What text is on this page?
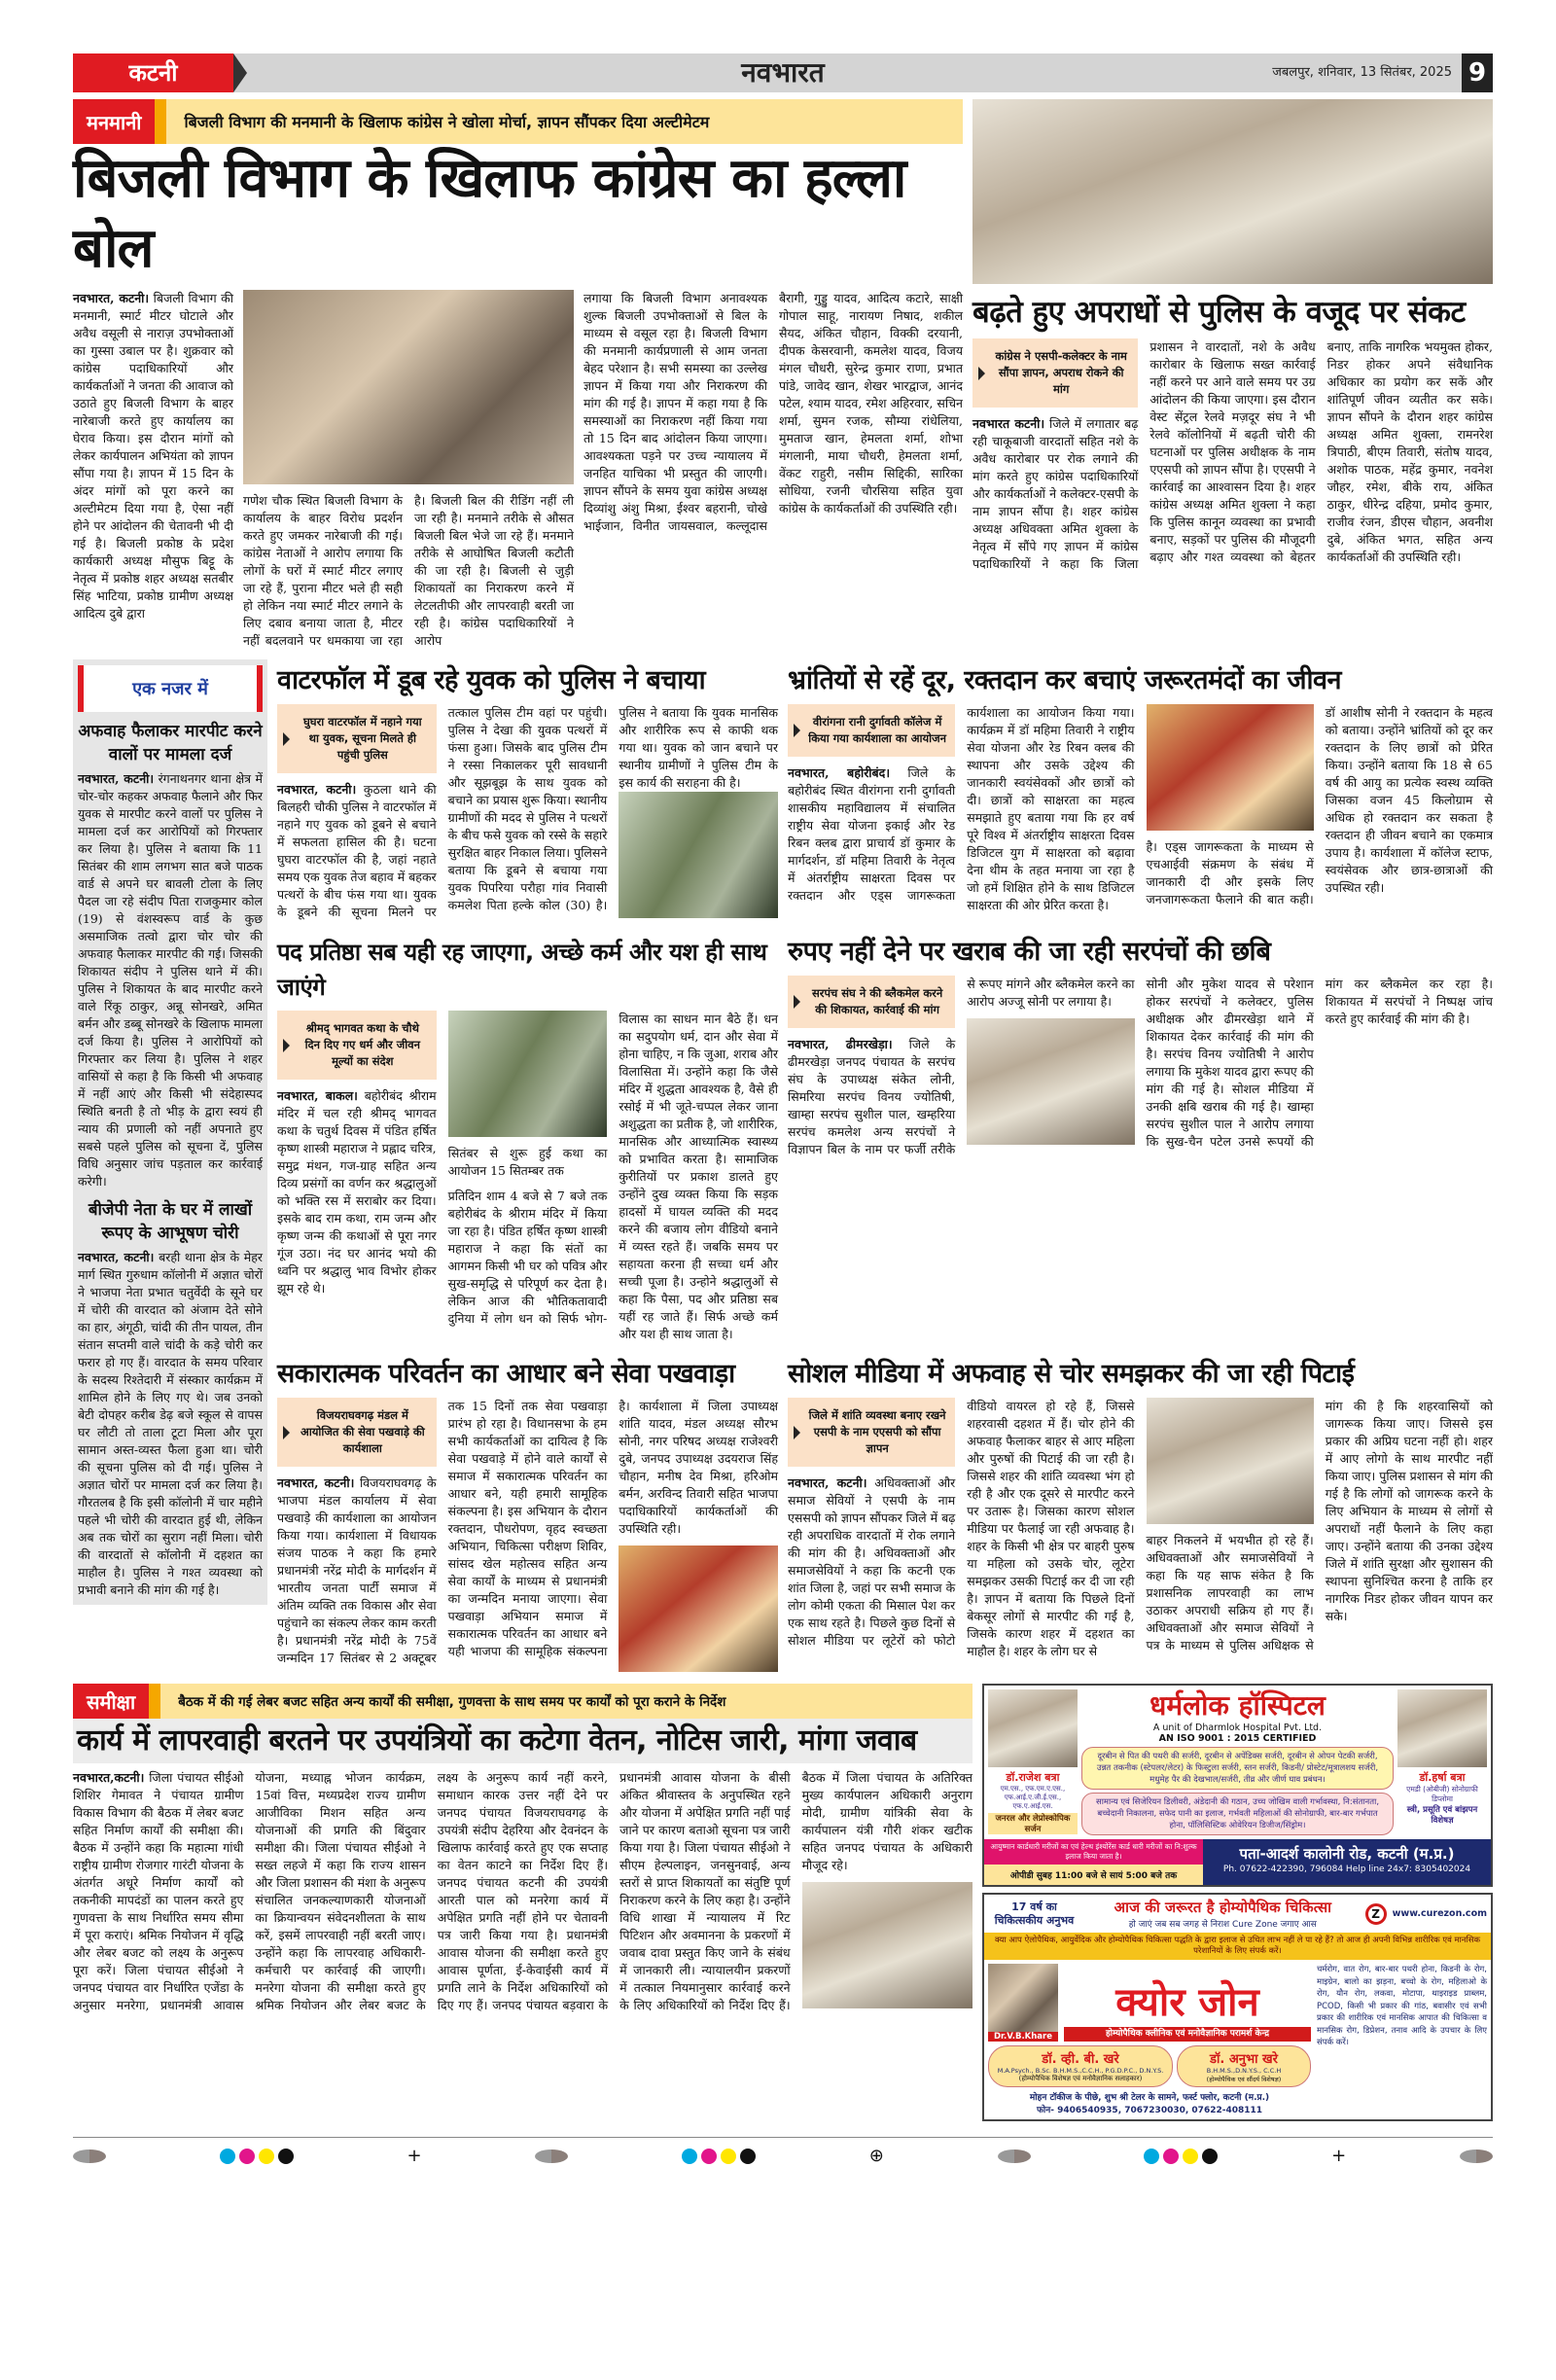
कटनी	नवभारत	जबलपुर, शनिवार, 13 सितंबर, 2025 9
मनमानी	बिजली विभाग की मनमानी के खिलाफ कांग्रेस ने खोला मोर्चा, ज्ञापन सौंपकर दिया अल्टीमेटम
बिजली विभाग के खिलाफ कांग्रेस का हल्ला बोल
नवभारत, कटनी। बिजली विभाग की मनमानी, स्मार्ट मीटर घोटाले और अवैध वसूली से नाराज़ उपभोक्ताओं का गुस्सा उबाल पर है। शुक्रवार को कांग्रेस पदाधिकारियों और कार्यकर्ताओं ने जनता की आवाज को उठाते हुए बिजली विभाग के बाहर नारेबाजी करते हुए कार्यालय का घेराव किया। इस दौरान मांगों को लेकर कार्यपालन अभियंता को ज्ञापन सौंपा गया है। ज्ञापन में 15 दिन के अंदर मांगों को पूरा करने का अल्टीमेटम दिया गया है, ऐसा नहीं होने पर आंदोलन की चेतावनी भी दी गई है। बिजली प्रकोष्ठ के प्रदेश कार्यकारी अध्यक्ष मौसुफ बिट्टू के नेतृत्व में प्रकोष्ठ शहर अध्यक्ष सतबीर सिंह भाटिया, प्रकोष्ठ ग्रामीण अध्यक्ष आदित्य दुबे द्वारा
गणेश चौक स्थित बिजली विभाग के कार्यालय के बाहर विरोध प्रदर्शन करते हुए जमकर नारेबाजी की गई। कांग्रेस नेताओं ने आरोप लगाया कि लोगों के घरों में स्मार्ट मीटर लगाए जा रहे हैं, पुराना मीटर भले ही सही हो लेकिन नया स्मार्ट मीटर लगाने के लिए दबाव बनाया जाता है, मीटर नहीं बदलवाने पर धमकाया जा रहा है। बिजली बिल की रीडिंग नहीं ली जा रही है। मनमाने तरीके से औसत बिजली बिल भेजे जा रहे हैं। मनमाने तरीके से आघोषित बिजली कटौती की जा रही है। बिजली से जुड़ी शिकायतों का निराकरण करने में लेटलतीफी और लापरवाही बरती जा रही है। कांग्रेस पदाधिकारियों ने आरोप
लगाया कि बिजली विभाग अनावश्यक शुल्क बिजली उपभोक्ताओं से बिल के माध्यम से वसूल रहा है। बिजली विभाग की मनमानी कार्यप्रणाली से आम जनता बेहद परेशान है। सभी समस्या का उल्लेख ज्ञापन में किया गया और निराकरण की मांग की गई है। ज्ञापन में कहा गया है कि समस्याओं का निराकरण नहीं किया गया तो 15 दिन बाद आंदोलन किया जाएगा। आवश्यकता पड़ने पर उच्च न्यायालय में जनहित याचिका भी प्रस्तुत की जाएगी। ज्ञापन सौंपने के समय युवा कांग्रेस अध्यक्ष दिव्यांशु अंशु मिश्रा, ईश्वर बहरानी, चोखे भाईजान, विनीत जायसवाल, कल्लूदास बैरागी, गुड्डु यादव, आदित्य कटारे, साक्षी गोपाल साहू, नारायण निषाद, शकील सैयद, अंकित चौहान, विक्की दरयानी, दीपक केसरवानी, कमलेश यादव, विजय मंगल चौधरी, सुरेन्द्र कुमार राणा, प्रभात पांडे, जावेद खान, शेखर भारद्वाज, आनंद पटेल, श्याम यादव, रमेश अहिरवार, सचिन शर्मा, सुमन रजक, सौम्या रांधेलिया, मुमताज खान, हेमलता शर्मा, शोभा मंगलानी, माया चौधरी, हेमलता शर्मा, वेंकट राहुरी, नसीम सिद्दिकी, सारिका सोधिया, रजनी चौरसिया सहित युवा कांग्रेस के कार्यकर्ताओं की उपस्थिति रही।
बढ़ते हुए अपराधों से पुलिस के वजूद पर संकट
कांग्रेस ने एसपी-कलेक्टर के नाम सौंपा ज्ञापन, अपराध रोकने की मांग

नवभारत कटनी। जिले में लगातार बढ़ रही चाकूबाजी वारदातों सहित नशे के अवैध कारोबार पर रोक लगाने की मांग करते हुए कांग्रेस पदाधिकारियों और कार्यकर्ताओं ने कलेक्टर-एसपी के नाम ज्ञापन सौंपा है। शहर कांग्रेस अध्यक्ष अधिवक्ता अमित शुक्ला के नेतृत्व में सौंपे गए ज्ञापन में कांग्रेस पदाधिकारियों ने कहा कि जिला प्रशासन ने वारदातों, नशे के अवैध कारोबार के खिलाफ सख्त कार्रवाई नहीं करने पर आने वाले समय पर उग्र आंदोलन की किया जाएगा। इस दौरान वेस्ट सेंट्रल रेलवे मज़दूर संघ ने भी रेलवे कॉलोनियों में बढ़ती चोरी की घटनाओं पर पुलिस अधीक्षक के नाम एएसपी को ज्ञापन सौंपा है। एएसपी ने कार्रवाई का आश्वासन दिया है। शहर कांग्रेस अध्यक्ष अमित शुक्ला ने कहा कि पुलिस कानून व्यवस्था का प्रभावी बनाए, सड़कों पर पुलिस की मौजूदगी बढ़ाए और गश्त व्यवस्था को बेहतर बनाए, ताकि नागरिक भयमुक्त होकर, निडर होकर अपने संवैधानिक अधिकार का प्रयोग कर सकें और शांतिपूर्ण जीवन व्यतीत कर सके। ज्ञापन सौंपने के दौरान शहर कांग्रेस अध्यक्ष अमित शुक्ला, रामनरेश त्रिपाठी, बीएम तिवारी, संतोष यादव, अशोक पाठक, महेंद्र कुमार, नवनेश जौहर, रमेश, बीके राय, अंकित ठाकुर, धीरेन्द्र दहिया, प्रमोद कुमार, राजीव रंजन, डीएस चौहान, अवनीश दुबे, अंकित भगत, सहित अन्य कार्यकर्ताओं की उपस्थिति रही।

एक नजर में
अफवाह फैलाकर मारपीट करने वालों पर मामला दर्ज
नवभारत, कटनी। रंगनाथनगर थाना क्षेत्र में चोर-चोर कहकर अफवाह फैलाने और फिर युवक से मारपीट करने वालों पर पुलिस ने मामला दर्ज कर आरोपियों को गिरफ्तार कर लिया है। पुलिस ने बताया कि 11 सितंबर की शाम लगभग सात बजे पाठक वार्ड से अपने घर बावली टोला के लिए पैदल जा रहे संदीप पिता राजकुमार कोल (19) से वंशस्वरूप वार्ड के कुछ असमाजिक तत्वो द्वारा चोर चोर की अफवाह फैलाकर मारपीट की गई। जिसकी शिकायत संदीप ने पुलिस थाने में की। पुलिस ने शिकायत के बाद मारपीट करने वाले रिंकू ठाकुर, अन्नू सोनखरे, अमित बर्मन और डब्बू सोनखरे के खिलाफ मामला दर्ज किया है। पुलिस ने आरोपियों को गिरफ्तार कर लिया है। पुलिस ने शहर वासियों से कहा है कि किसी भी अफवाह में नहीं आएं और किसी भी संदेहास्पद स्थिति बनती है तो भीड़ के द्वारा स्वयं ही न्याय की प्रणाली को नहीं अपनाते हुए सबसे पहले पुलिस को सूचना दें, पुलिस विधि अनुसार जांच पड़ताल कर कार्रवाई करेगी।
बीजेपी नेता के घर में लाखों रूपए के आभूषण चोरी
नवभारत, कटनी। बरही थाना क्षेत्र के मेहर मार्ग स्थित गुरुधाम कॉलोनी में अज्ञात चोरों ने भाजपा नेता प्रभात चतुर्वेदी के सूने घर में चोरी की वारदात को अंजाम देते सोने का हार, अंगूठी, चांदी की तीन पायल, तीन संतान सप्तमी वाले चांदी के कड़े चोरी कर फरार हो गए हैं। वारदात के समय परिवार के सदस्य रिश्तेदारी में संस्कार कार्यक्रम में शामिल होने के लिए गए थे। जब उनको बेटी दोपहर करीब डेढ़ बजे स्कूल से वापस घर लौटी तो ताला टूटा मिला और पूरा सामान अस्त-व्यस्त फैला हुआ था। चोरी की सूचना पुलिस को दी गई। पुलिस ने अज्ञात चोरों पर मामला दर्ज कर लिया है। गौरतलब है कि इसी कॉलोनी में चार महीने पहले भी चोरी की वारदात हुई थी, लेकिन अब तक चोरों का सुराग नहीं मिला। चोरी की वारदातों से कॉलोनी में दहशत का माहौल है। पुलिस ने गश्त व्यवस्था को प्रभावी बनाने की मांग की गई है।
वाटरफॉल में डूब रहे युवक को पुलिस ने बचाया
घुघरा वाटरफॉल में नहाने गया था युवक, सूचना मिलते ही पहुंची पुलिस

नवभारत, कटनी। कुठला थाने की बिलहरी चौकी पुलिस ने वाटरफॉल में नहाने गए युवक को डूबने से बचाने में सफलता हासिल की है। घटना घुघरा वाटरफॉल की है, जहां नहाते समय एक युवक तेज बहाव में बहकर पत्थरों के बीच फंस गया था। युवक के डूबने की सूचना मिलने पर तत्काल पुलिस टीम वहां पर पहुंची। पुलिस ने देखा की युवक पत्थरों में फंसा हुआ। जिसके बाद पुलिस टीम ने रस्सा निकालकर पूरी सावधानी और सूझबूझ के साथ युवक को बचाने का प्रयास शुरू किया। स्थानीय ग्रामीणों की मदद से पुलिस ने पत्थरों के बीच फसे युवक को रस्से के सहारे सुरक्षित बाहर निकाल लिया। पुलिसने बताया कि डूबने से बचाया गया युवक पिपरिया परौहा गांव निवासी कमलेश पिता हल्के कोल (30) है। पुलिस ने बताया कि युवक मानसिक और शारीरिक रूप से काफी थक गया था। युवक को जान बचाने पर स्थानीय ग्रामीणों ने पुलिस टीम के इस कार्य की सराहना की है।

भ्रांतियों से रहें दूर, रक्तदान कर बचाएं जरूरतमंदों का जीवन
वीरांगना रानी दुर्गावती कॉलेज में किया गया कार्यशाला का आयोजन

नवभारत, बहोरीबंद। जिले के बहोरीबंद स्थित वीरांगना रानी दुर्गावती शासकीय महाविद्यालय में संचालित राष्ट्रीय सेवा योजना इकाई और रेड रिबन क्लब द्वारा प्राचार्य डॉ कुमार के मार्गदर्शन, डॉ महिमा तिवारी के नेतृत्व में अंतर्राष्ट्रीय साक्षरता दिवस पर रक्तदान और एड्स जागरूकता कार्यशाला का आयोजन किया गया। कार्यक्रम में डॉ महिमा तिवारी ने राष्ट्रीय सेवा योजना और रेड रिबन क्लब की स्थापना और उसके उद्देश्य की जानकारी स्वयंसेवकों और छात्रों को दी। छात्रों को साक्षरता का महत्व समझाते हुए बताया गया कि हर वर्ष पूरे विश्व में अंतर्राष्ट्रीय साक्षरता दिवस डिजिटल युग में साक्षरता को बढ़ावा देना थीम के तहत मनाया जा रहा है जो हमें शिक्षित होने के साथ डिजिटल साक्षरता की ओर प्रेरित करता है।

है। एड्स जागरूकता के माध्यम से एचआईवी संक्रमण के संबंध में जानकारी दी और इसके लिए जनजागरूकता फैलाने की बात कही। डॉ आशीष सोनी ने रक्तदान के महत्व को बताया। उन्होंने भ्रांतियों को दूर कर रक्तदान के लिए छात्रों को प्रेरित किया। उन्होंने बताया कि 18 से 65 वर्ष की आयु का प्रत्येक स्वस्थ व्यक्ति जिसका वजन 45 किलोग्राम से अधिक हो रक्तदान कर सकता है रक्तदान ही जीवन बचाने का एकमात्र उपाय है। कार्यशाला में कॉलेज स्टाफ, स्वयंसेवक और छात्र-छात्राओं की उपस्थित रही।

पद प्रतिष्ठा सब यही रह जाएगा, अच्छे कर्म और यश ही साथ जाएंगे
श्रीमद् भागवत कथा के चौथे दिन दिए गए धर्म और जीवन मूल्यों का संदेश

नवभारत, बाकल। बहोरीबंद श्रीराम मंदिर में चल रही श्रीमद् भागवत कथा के चतुर्थ दिवस में पंडित हर्षित कृष्ण शास्त्री महाराज ने प्रह्लाद चरित्र, समुद्र मंथन, गज-ग्राह सहित अन्य दिव्य प्रसंगों का वर्णन कर श्रद्धालुओं को भक्ति रस में सराबोर कर दिया। इसके बाद राम कथा, राम जन्म और कृष्ण जन्म की कथाओं से पूरा नगर गूंज उठा। नंद घर आनंद भयो की ध्वनि पर श्रद्धालु भाव विभोर होकर झूम रहे थे।

सितंबर से शुरू हुई कथा का आयोजन 15 सितम्बर तक

प्रतिदिन शाम 4 बजे से 7 बजे तक बहोरीबंद के श्रीराम मंदिर में किया जा रहा है। पंडित हर्षित कृष्ण शास्त्री महाराज ने कहा कि संतों का आगमन किसी भी घर को पवित्र और सुख-समृद्धि से परिपूर्ण कर देता है। लेकिन आज की भौतिकतावादी दुनिया में लोग धन को सिर्फ भोग-विलास का साधन मान बैठे हैं। धन का सदुपयोग धर्म, दान और सेवा में होना चाहिए, न कि जुआ, शराब और विलासिता में। उन्होंने कहा कि जैसे मंदिर में शुद्धता आवश्यक है, वैसे ही रसोई में भी जूते-चप्पल लेकर जाना अशुद्धता का प्रतीक है, जो शारीरिक, मानसिक और आध्यात्मिक स्वास्थ्य को प्रभावित करता है। सामाजिक कुरीतियों पर प्रकाश डालते हुए उन्होंने दुख व्यक्त किया कि सड़क हादसों में घायल व्यक्ति की मदद करने की बजाय लोग वीडियो बनाने में व्यस्त रहते हैं। जबकि समय पर सहायता करना ही सच्चा धर्म और सच्ची पूजा है। उन्होने श्रद्धालुओं से कहा कि पैसा, पद और प्रतिष्ठा सब यहीं रह जाते हैं। सिर्फ अच्छे कर्म और यश ही साथ जाता है।

रुपए नहीं देने पर खराब की जा रही सरपंचों की छबि
सरपंच संघ ने की ब्लैकमेल करने की शिकायत, कार्रवाई की मांग

नवभारत, ढीमरखेड़ा। जिले के ढीमरखेड़ा जनपद पंचायत के सरपंच संघ के उपाध्यक्ष संकेत लोनी, सिमरिया सरपंच विनय ज्योतिषी, खाम्हा सरपंच सुशील पाल, खम्हरिया सरपंच कमलेश अन्य सरपंचों ने विज्ञापन बिल के नाम पर फर्जी तरीके से रूपए मांगने और ब्लैकमेल करने का आरोप अज्जू सोनी पर लगाया है।

सोनी और मुकेश यादव से परेशान होकर सरपंचों ने कलेक्टर, पुलिस अधीक्षक और ढीमरखेड़ा थाने में शिकायत देकर कार्रवाई की मांग की है। सरपंच विनय ज्योतिषी ने आरोप लगाया कि मुकेश यादव द्वारा रूपए की मांग की गई है। सोशल मीडिया में उनकी क्षबि खराब की गई है। खाम्हा सरपंच सुशील पाल ने आरोप लगाया कि सुख-चैन पटेल उनसे रूपयों की मांग कर ब्लैकमेल कर रहा है। शिकायत में सरपंचों ने निष्पक्ष जांच करते हुए कार्रवाई की मांग की है।

सकारात्मक परिवर्तन का आधार बने सेवा पखवाड़ा
विजयराघवगढ़ मंडल में आयोजित की सेवा पखवाड़े की कार्यशाला

नवभारत, कटनी। विजयराघवगढ़ के भाजपा मंडल कार्यालय में सेवा पखवाड़े की कार्यशाला का आयोजन किया गया। कार्यशाला में विधायक संजय पाठक ने कहा कि हमारे प्रधानमंत्री नरेंद्र मोदी के मार्गदर्शन में भारतीय जनता पार्टी समाज में अंतिम व्यक्ति तक विकास और सेवा पहुंचाने का संकल्प लेकर काम करती है। प्रधानमंत्री नरेंद्र मोदी के 75वें जन्मदिन 17 सितंबर से 2 अक्टूबर तक 15 दिनों तक सेवा पखवाड़ा प्रारंभ हो रहा है। विधानसभा के हम सभी कार्यकर्ताओं का दायित्व है कि सेवा पखवाड़े में होने वाले कार्यों से समाज में सकारात्मक परिवर्तन का आधार बने, यही हमारी सामूहिक संकल्पना है। इस अभियान के दौरान रक्तदान, पौधरोपण, वृहद स्वच्छता अभियान, चिकित्सा परीक्षण शिविर, सांसद खेल महोत्सव सहित अन्य सेवा कार्यों के माध्यम से प्रधानमंत्री का जन्मदिन मनाया जाएगा। सेवा पखवाड़ा अभियान समाज में सकारात्मक परिवर्तन का आधार बने यही भाजपा की सामूहिक संकल्पना है। कार्यशाला में जिला उपाध्यक्ष शांति यादव, मंडल अध्यक्ष सौरभ सोनी, नगर परिषद अध्यक्ष राजेश्वरी दुबे, जनपद उपाध्यक्ष उदयराज सिंह चौहान, मनीष देव मिश्रा, हरिओम बर्मन, अरविन्द तिवारी सहित भाजपा पदाधिकारियों कार्यकर्ताओं की उपस्थिति रही।

सोशल मीडिया में अफवाह से चोर समझकर की जा रही पिटाई
जिले में शांति व्यवस्था बनाए रखने एसपी के नाम एएसपी को सौंपा ज्ञापन

नवभारत, कटनी। अधिवक्ताओं और समाज सेवियों ने एसपी के नाम एससपी को ज्ञापन सौंपकर जिले में बढ़ रही अपराधिक वारदातों में रोक लगाने की मांग की है। अधिवक्ताओं और समाजसेवियों ने कहा कि कटनी एक शांत जिला है, जहां पर सभी समाज के लोग कोमी एकता की मिसाल पेश कर एक साथ रहते है। पिछले कुछ दिनों से सोशल मीडिया पर लूटेरों को फोटो वीडियो वायरल हो रहे हैं, जिससे शहरवासी दहशत में हैं। चोर होने की अफवाह फैलाकर बाहर से आए महिला और पुरुषों की पिटाई की जा रही है। जिससे शहर की शांति व्यवस्था भंग हो रही है और एक दूसरे से मारपीट करने पर उतारू है। जिसका कारण सोशल मीडिया पर फैलाई जा रही अफवाह है। शहर के किसी भी क्षेत्र पर बाहरी पुरुष या महिला को उसके चोर, लूटेरा समझकर उसकी पिटाई कर दी जा रही है। ज्ञापन में बताया कि पिछले दिनों बेकसूर लोगों से मारपीट की गई है, जिसके कारण शहर में दहशत का माहौल है। शहर के लोग घर से

बाहर निकलने में भयभीत हो रहे हैं। अधिवक्ताओं और समाजसेवियों ने कहा कि यह साफ संकेत है कि प्रशासनिक लापरवाही का लाभ उठाकर अपराधी सक्रिय हो गए हैं। अधिवक्ताओं और समाज सेवियों ने पत्र के माध्यम से पुलिस अधिक्षक से मांग की है कि शहरवासियों को जागरूक किया जाए। जिससे इस प्रकार की अप्रिय घटना नहीं हो। शहर में आए लोगो के साथ मारपीट नहीं किया जाए। पुलिस प्रशासन से मांग की गई है कि लोगों को जागरूक करने के लिए अभियान के माध्यम से लोगों से अपराधों नहीं फैलाने के लिए कहा जाए। उन्होंने बताया की उनका उद्देश्य जिले में शांति सुरक्षा और सुशासन की स्थापना सुनिश्चित करना है ताकि हर नागरिक निडर होकर जीवन यापन कर सके।

समीक्षा	बैठक में की गई लेबर बजट सहित अन्य कार्यों की समीक्षा, गुणवत्ता के साथ समय पर कार्यों को पूरा कराने के निर्देश
कार्य में लापरवाही बरतने पर उपयंत्रियों का कटेगा वेतन, नोटिस जारी, मांगा जवाब

नवभारत,कटनी। जिला पंचायत सीईओ शिशिर गेमावत ने पंचायत ग्रामीण विकास विभाग की बैठक में लेबर बजट सहित निर्माण कार्यों की समीक्षा की। बैठक में उन्होंने कहा कि महात्मा गांधी राष्ट्रीय ग्रामीण रोजगार गारंटी योजना के अंतर्गत अधूरे निर्माण कार्यों को तकनीकी मापदंडों का पालन करते हुए गुणवत्ता के साथ निर्धारित समय सीमा में पूरा कराएं। श्रमिक नियोजन में वृद्धि और लेबर बजट को लक्ष्य के अनुरूप पूरा करें। जिला पंचायत सीईओ ने जनपद पंचायत वार निर्धारित एजेंडा के अनुसार मनरेगा, प्रधानमंत्री आवास योजना, मध्याह्न भोजन कार्यक्रम, 15वां वित्त, मध्यप्रदेश राज्य ग्रामीण आजीविका मिशन सहित अन्य योजनाओं की प्रगति की बिंदुवार समीक्षा की। जिला पंचायत सीईओ ने सख्त लहजे में कहा कि राज्य शासन और जिला प्रशासन की मंशा के अनुरूप संचालित जनकल्याणकारी योजनाओं का क्रियान्वयन संवेदनशीलता के साथ करें, इसमें लापरवाही नहीं बरती जाए। उन्होंने कहा कि लापरवाह अधिकारी-कर्मचारी पर कार्रवाई की जाएगी। मनरेगा योजना की समीक्षा करते हुए श्रमिक नियोजन और लेबर बजट के लक्ष्य के अनुरूप कार्य नहीं करने, समाधान कारक उत्तर नहीं देने पर जनपद पंचायत विजयराघवगढ़ के उपयंत्री संदीप देहरिया और देवनंदन के खिलाफ कार्रवाई करते हुए एक सप्ताह का वेतन काटने का निर्देश दिए हैं। जनपद पंचायत कटनी की उपयंत्री आरती पाल को मनरेगा कार्य में अपेक्षित प्रगति नहीं होने पर चेतावनी पत्र जारी किया गया है। प्रधानमंत्री आवास योजना की समीक्षा करते हुए आवास पूर्णता, ई-केवाईसी कार्य में प्रगति लाने के निर्देश अधिकारियों को दिए गए हैं। जनपद पंचायत बड़वारा के प्रधानमंत्री आवास योजना के बीसी अंकित श्रीवास्तव के अनुपस्थित रहने और योजना में अपेक्षित प्रगति नहीं पाई जाने पर कारण बताओ सूचना पत्र जारी किया गया है। जिला पंचायत सीईओ ने सीएम हेल्पलाइन, जनसुनवाई, अन्य स्तरों से प्राप्त शिकायतों का संतुष्टि पूर्ण निराकरण करने के लिए कहा है। उन्होंने विधि शाखा में न्यायालय में रिट पिटिशन और अवमानना के प्रकरणों में जवाब दावा प्रस्तुत किए जाने के संबंध में जानकारी ली। न्यायालयीन प्रकरणों में तत्काल नियमानुसार कार्रवाई करने के लिए अधिकारियों को निर्देश दिए हैं। बैठक में जिला पंचायत के अतिरिक्त मुख्य कार्यपालन अधिकारी अनुराग मोदी, ग्रामीण यांत्रिकी सेवा के कार्यपालन यंत्री गौरी शंकर खटीक सहित जनपद पंचायत के अधिकारी मौजूद रहे।

डॉ.राजेश बत्रा
एम.एस., एफ.एम.ए.एस., एफ.आई.ए.जी.ई.एस., एफ.ए.आई.एस.
जनरल और लेप्रोस्कोपिक सर्जन
धर्मलोक हॉस्पिटल
A unit of Dharmlok Hospital Pvt. Ltd.
AN ISO 9001 : 2015 CERTIFIED
दूरबीन से पित की पथरी की सर्जरी, दूरबीन से अपेंडिक्स सर्जरी, दूरबीन से ओपन पेटकी सर्जरी, उन्नत तकनीक (स्टेपलर/लेटर) के फिस्टुला सर्जरी, स्तन सर्जरी, किडनी/ प्रोस्टेट/मूत्रालशय सर्जरी, मधुमेह पैर की देखभाल/सर्जरी, तीव्र और जीर्ण घाव प्रबंधन।
सामान्य एवं सिजेरियन डिलीवरी, अंडेदानी की गठान, उच्च जोखिम वाली गर्भावस्था, नि:संतानता, बच्चेदानी निकालना, सफेद पानी का इलाज, गर्भवती महिलाओं की सोनोग्राफी, बार-बार गर्भपात होना, पॉलिसिस्टिक ओवेरियन डिजीज/सिंड्रोम।
डॉ.हर्षा बत्रा
एमडी (ओबीजी) सोनोग्राफी डिप्लोमा
स्त्री, प्रसूति एवं बांझपन विशेषज्ञ
आयुष्मान कार्डधारी मरीजों का एवं हेल्थ इंश्योरेंस कार्ड धारी मरीजों का नि:शुल्क इलाज किया जाता है।
ओपीडी सुबह 11:00 बजे से सायं 5:00 बजे तक
पता-आदर्श कालोनी रोड, कटनी (म.प्र.)
Ph. 07622-422390, 796084 Help line 24x7: 8305402024
17 वर्ष का चिकित्सकीय अनुभव
आज की जरूरत है होम्योपैथिक चिकित्सा
हो जाएं जब सब जगह से निराश Cure Zone जगाए आस
Z	www.curezon.com
क्या आप ऐलोपैथिक, आयुर्वेदिक और होम्योपैथिक चिकित्सा पद्धति के द्वारा इलाज से उचित लाभ नहीं ले पा रहे हैं? तो आज ही अपनी विभिन्न शारीरिक एवं मानसिक परेशानियों के लिए संपर्क करें।
Dr.V.B.Khare
क्योर जोन
होम्योपैथिक क्लीनिक एवं मनोवैज्ञानिक परामर्श केन्द्र
डॉ. व्ही. बी. खरे
M.A.Psych., B.Sc. B.H.M.S.,C.C.H., P.G.D.P.C., D.N.Y.S.
(होम्योपैथिक विशेषज्ञ एवं मनोवैज्ञानिक सलाहकार)
डॉ. अनुभा खरे
B.H.M.S.,D.N.Y.S., C.C.H
(होम्योपैथिक एवं सौंदर्य विशेषज्ञ)
मोहन टॉकीज के पीछे, शुभ श्री टेलर के सामने, फर्स्ट फ्लोर, कटनी (म.प्र.)
फोन- 9406540935, 7067230030, 07622-408111
चर्मरोग, वात रोग, बार-बार पथरी होना, किडनी के रोग, माइग्रेन, बालो का झड़ना, बच्चो के रोग, महिलाओ के रोग, यौन रोग, लकवा, मोटापा, थाइराइड प्राब्लम, PCOD, किसी भी प्रकार की गांठ, बवासीर एवं सभी प्रकार की शारीरिक एवं मानसिक आपात की चिकित्सा व मानसिक रोग, डिप्रेशन, तनाव आदि के उपचार के लिए संपर्क करें।
+	⊕	+
